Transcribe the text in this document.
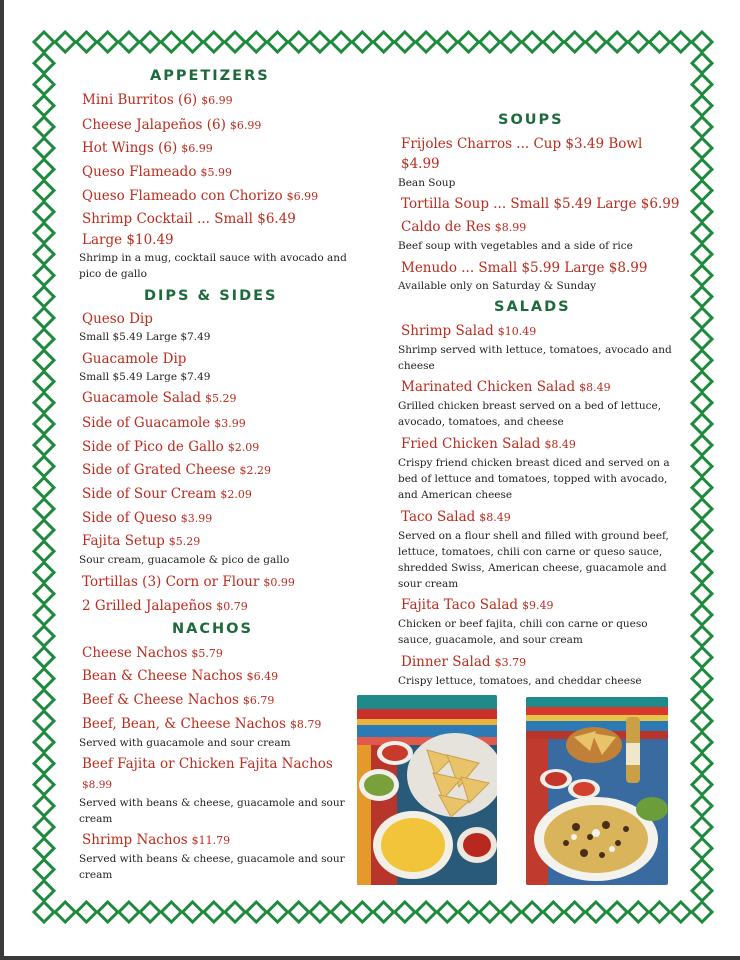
APPETIZERS
Mini Burritos (6) $6.99
Cheese Jalapeños (6) $6.99
Hot Wings (6) $6.99
Queso Flameado $5.99
Queso Flameado con Chorizo $6.99
Shrimp Cocktail ... Small $6.49
Large $10.49
Shrimp in a mug, cocktail sauce with avocado and
pico de gallo
DIPS & SIDES
Queso Dip
Small $5.49 Large $7.49
Guacamole Dip
Small $5.49 Large $7.49
Guacamole Salad $5.29
Side of Guacamole $3.99
Side of Pico de Gallo $2.09
Side of Grated Cheese $2.29
Side of Sour Cream $2.09
Side of Queso $3.99
Fajita Setup $5.29
Sour cream, guacamole & pico de gallo
Tortillas (3) Corn or Flour $0.99
2 Grilled Jalapeños $0.79
NACHOS
Cheese Nachos $5.79
Bean & Cheese Nachos $6.49
Beef & Cheese Nachos $6.79
Beef, Bean, & Cheese Nachos $8.79
Served with guacamole and sour cream
Beef Fajita or Chicken Fajita Nachos
$8.99
Served with beans & cheese, guacamole and sour
cream
Shrimp Nachos $11.79
Served with beans & cheese, guacamole and sour
cream
SOUPS
Frijoles Charros ... Cup $3.49 Bowl
$4.99
Bean Soup
Tortilla Soup ... Small $5.49 Large $6.99
Caldo de Res $8.99
Beef soup with vegetables and a side of rice
Menudo ... Small $5.99 Large $8.99
Available only on Saturday & Sunday
SALADS
Shrimp Salad $10.49
Shrimp served with lettuce, tomatoes, avocado and
cheese
Marinated Chicken Salad $8.49
Grilled chicken breast served on a bed of lettuce,
avocado, tomatoes, and cheese
Fried Chicken Salad $8.49
Crispy friend chicken breast diced and served on a
bed of lettuce and tomatoes, topped with avocado,
and American cheese
Taco Salad $8.49
Served on a flour shell and filled with ground beef,
lettuce, tomatoes, chili con carne or queso sauce,
shredded Swiss, American cheese, guacamole and
sour cream
Fajita Taco Salad $9.49
Chicken or beef fajita, chili con carne or queso
sauce, guacamole, and sour cream
Dinner Salad $3.79
Crispy lettuce, tomatoes, and cheddar cheese
